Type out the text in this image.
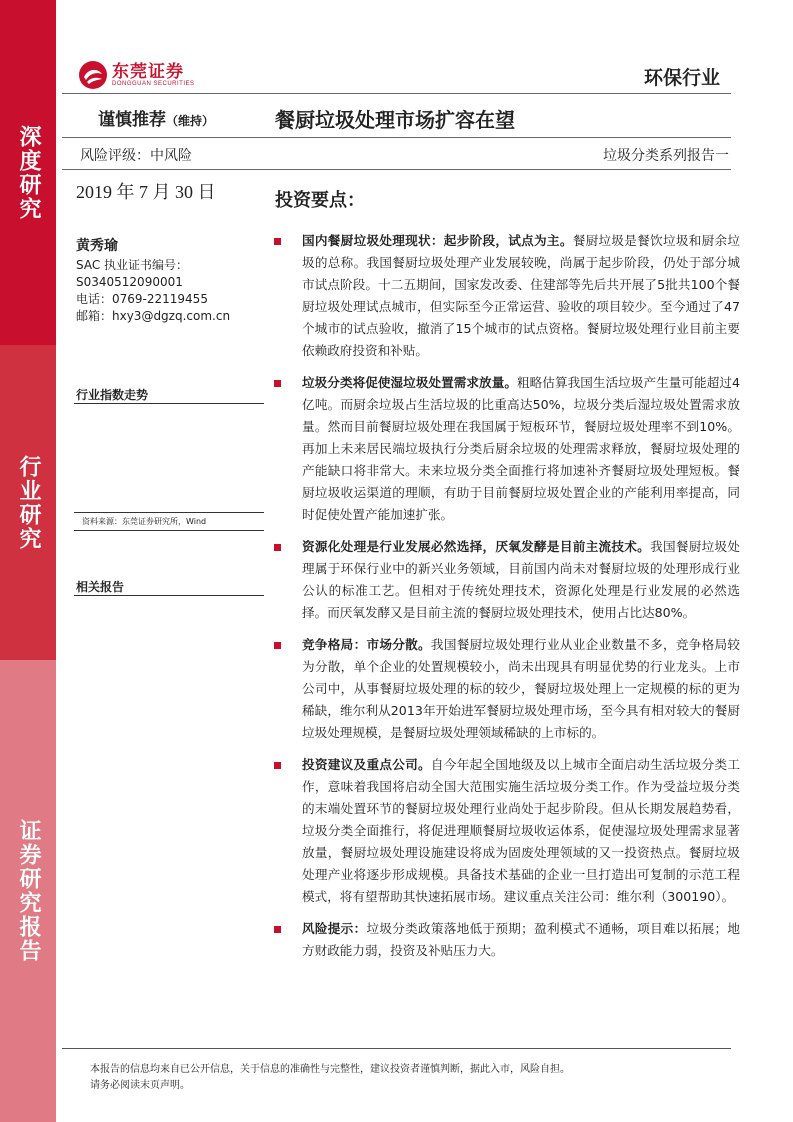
深度研究
行业研究
证券研究报告
东莞证券
DONGGUAN SECURITIES	环保行业
谨慎推荐（维持）	餐厨垃圾处理市场扩容在望
风险评级：中风险	垃圾分类系列报告一
2019 年 7 月 30 日	投资要点：
黄秀瑜
SAC 执业证书编号：
S0340512090001
电话：0769-22119455
邮箱：hxy3@dgzq.com.cn
行业指数走势
资料来源：东莞证券研究所，Wind
相关报告
国内餐厨垃圾处理现状：起步阶段，试点为主。餐厨垃圾是餐饮垃圾和厨余垃圾的总称。我国餐厨垃圾处理产业发展较晚，尚属于起步阶段，仍处于部分城市试点阶段。十二五期间，国家发改委、住建部等先后共开展了5批共100个餐厨垃圾处理试点城市，但实际至今正常运营、验收的项目较少。至今通过了47个城市的试点验收，撤消了15个城市的试点资格。餐厨垃圾处理行业目前主要依赖政府投资和补贴。
垃圾分类将促使湿垃圾处置需求放量。粗略估算我国生活垃圾产生量可能超过4亿吨。而厨余垃圾占生活垃圾的比重高达50%，垃圾分类后湿垃圾处置需求放量。然而目前餐厨垃圾处理在我国属于短板环节，餐厨垃圾处理率不到10%。再加上未来居民端垃圾执行分类后厨余垃圾的处理需求释放，餐厨垃圾处理的产能缺口将非常大。未来垃圾分类全面推行将加速补齐餐厨垃圾处理短板。餐厨垃圾收运渠道的理顺，有助于目前餐厨垃圾处置企业的产能利用率提高，同时促使处置产能加速扩张。
资源化处理是行业发展必然选择，厌氧发酵是目前主流技术。我国餐厨垃圾处理属于环保行业中的新兴业务领域，目前国内尚未对餐厨垃圾的处理形成行业公认的标准工艺。但相对于传统处理技术，资源化处理是行业发展的必然选择。而厌氧发酵又是目前主流的餐厨垃圾处理技术，使用占比达80%。
竞争格局：市场分散。我国餐厨垃圾处理行业从业企业数量不多，竞争格局较为分散，单个企业的处置规模较小，尚未出现具有明显优势的行业龙头。上市公司中，从事餐厨垃圾处理的标的较少，餐厨垃圾处理上一定规模的标的更为稀缺，维尔利从2013年开始进军餐厨垃圾处理市场，至今具有相对较大的餐厨垃圾处理规模，是餐厨垃圾处理领域稀缺的上市标的。
投资建议及重点公司。自今年起全国地级及以上城市全面启动生活垃圾分类工作，意味着我国将启动全国大范围实施生活垃圾分类工作。作为受益垃圾分类的末端处置环节的餐厨垃圾处理行业尚处于起步阶段。但从长期发展趋势看，垃圾分类全面推行，将促进理顺餐厨垃圾收运体系，促使湿垃圾处理需求显著放量，餐厨垃圾处理设施建设将成为固废处理领域的又一投资热点。餐厨垃圾处理产业将逐步形成规模。具备技术基础的企业一旦打造出可复制的示范工程模式，将有望帮助其快速拓展市场。建议重点关注公司：维尔利（300190）。
风险提示：垃圾分类政策落地低于预期；盈利模式不通畅，项目难以拓展；地方财政能力弱，投资及补贴压力大。
本报告的信息均来自已公开信息，关于信息的准确性与完整性，建议投资者谨慎判断，据此入市，风险自担。
请务必阅读末页声明。
